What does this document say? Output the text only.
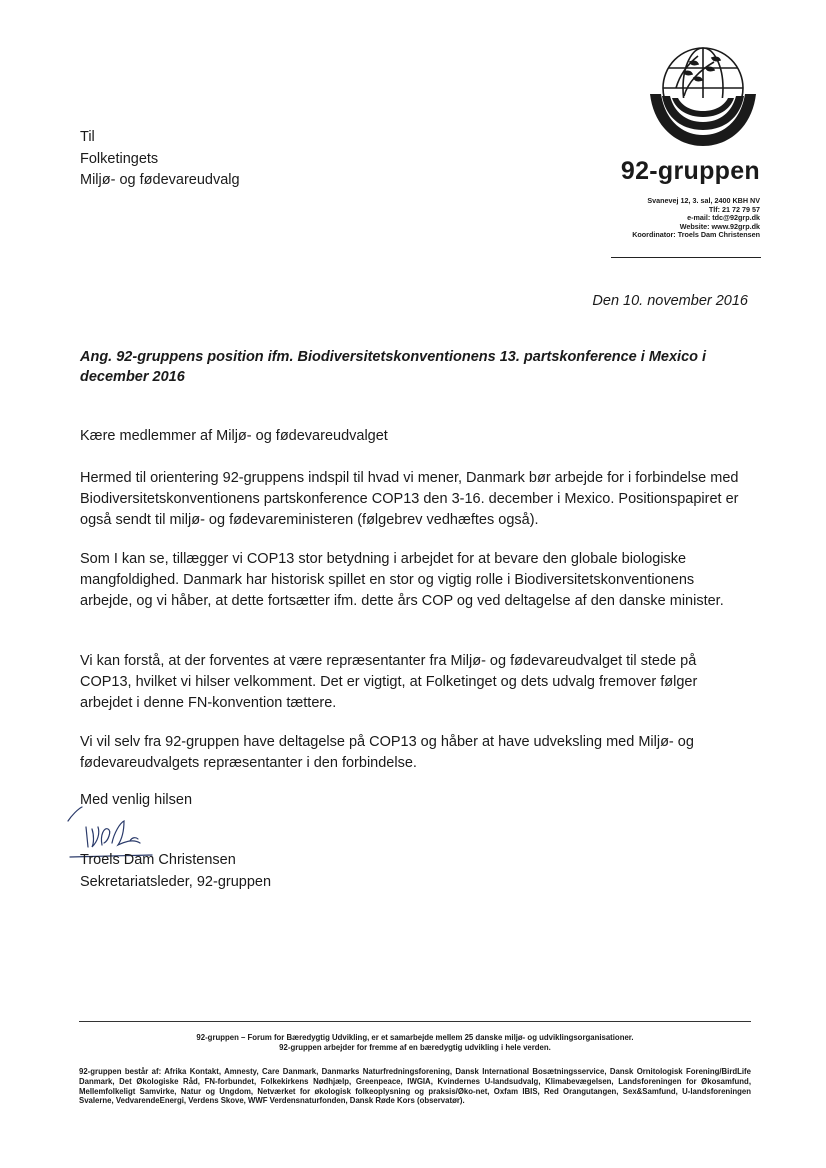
Til
Folketingets
Miljø- og fødevareudvalg	92-gruppen
Svanevej 12, 3. sal, 2400 KBH NV
Tlf: 21 72 79 57
e-mail: tdc@92grp.dk
Website: www.92grp.dk
Koordinator: Troels Dam Christensen
Den 10. november 2016
Ang. 92-gruppens position ifm. Biodiversitetskonventionens 13. partskonference i Mexico i december 2016
Kære medlemmer af Miljø- og fødevareudvalget
Hermed til orientering 92-gruppens indspil til hvad vi mener, Danmark bør arbejde for i forbindelse med Biodiversitetskonventionens partskonference COP13 den 3-16. december i Mexico. Positionspapiret er også sendt til miljø- og fødevareministeren (følgebrev vedhæftes også).
Som I kan se, tillægger vi COP13 stor betydning i arbejdet for at bevare den globale biologiske mangfoldighed. Danmark har historisk spillet en stor og vigtig rolle i Biodiversitetskonventionens arbejde, og vi håber, at dette fortsætter ifm. dette års COP og ved deltagelse af den danske minister.
Vi kan forstå, at der forventes at være repræsentanter fra Miljø- og fødevareudvalget til stede på COP13, hvilket vi hilser velkomment. Det er vigtigt, at Folketinget og dets udvalg fremover følger arbejdet i denne FN-konvention tættere.
Vi vil selv fra 92-gruppen have deltagelse på COP13 og håber at have udveksling med Miljø- og fødevareudvalgets repræsentanter i den forbindelse.
Med venlig hilsen
Troels Dam Christensen
Sekretariatsleder, 92-gruppen
92-gruppen – Forum for Bæredygtig Udvikling, er et samarbejde mellem 25 danske miljø- og udviklingsorganisationer.
92-gruppen arbejder for fremme af en bæredygtig udvikling i hele verden.
92-gruppen består af: Afrika Kontakt, Amnesty, Care Danmark, Danmarks Naturfredningsforening, Dansk International Bosætningsservice, Dansk Ornitologisk Forening/BirdLife Danmark, Det Økologiske Råd, FN-forbundet, Folkekirkens Nødhjælp, Greenpeace, IWGIA, Kvindernes U-landsudvalg, Klimabevægelsen, Landsforeningen for Økosamfund, Mellemfolkeligt Samvirke, Natur og Ungdom, Netværket for økologisk folkeoplysning og praksis/Øko-net, Oxfam IBIS, Red Orangutangen, Sex&Samfund, U-landsforeningen Svalerne, VedvarendeEnergi, Verdens Skove, WWF Verdensnaturfonden, Dansk Røde Kors (observatør).
